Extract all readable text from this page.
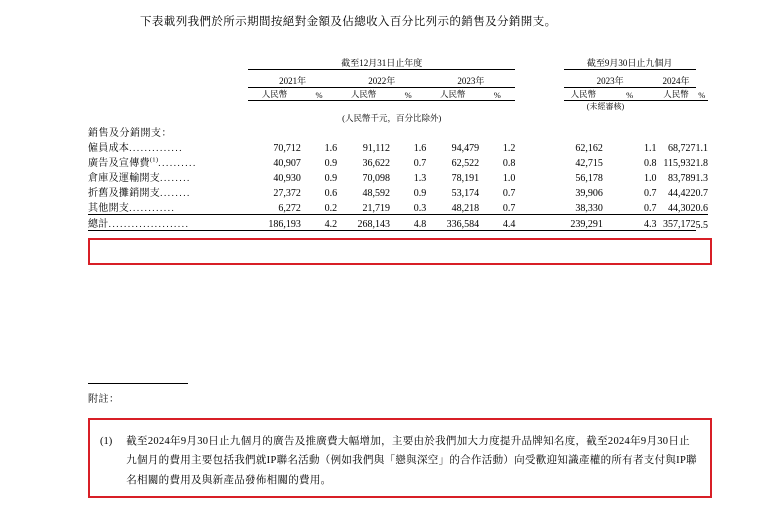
下表載列我們於所示期間按絕對金額及佔總收入百分比列示的銷售及分銷開支。
	截至12月31日止年度							截至9月30日止九個月			

	2021年		2022年		2023年			2023年		2024年	
	人民幣	%	人民幣	%	人民幣	%		人民幣	%	人民幣	%
							(未經審核)				
(人民幣千元，百分比除外)											
銷售及分銷開支：											
僱員成本..............	70,712	1.6	91,112	1.6	94,479	1.2		62,162	1.1	68,727	1.1
廣告及宣傳費$^{(1)}$..........	40,907	0.9	36,622	0.7	62,522	0.8		42,715	0.8	115,932	1.8
倉庫及運輸開支........	40,930	0.9	70,098	1.3	78,191	1.0		56,178	1.0	83,789	1.3
折舊及攤銷開支........	27,372	0.6	48,592	0.9	53,174	0.7		39,906	0.7	44,422	0.7
其他開支............	6,272	0.2	21,719	0.3	48,218	0.7		38,330	0.7	44,302	0.6
總計.....................	186,193	4.2	268,143	4.8	336,584	4.4		239,291	4.3	357,172	5.5

附註：
(1) 截至2024年9月30日止九個月的廣告及推廣費大幅增加，主要由於我們加大力度提升品牌知名度，截至2024年9月30日止九個月的費用主要包括我們就IP聯名活動（例如我們與「戀與深空」的合作活動）向受歡迎知識產權的所有者支付與IP聯名相關的費用及與新產品發佈相關的費用。
